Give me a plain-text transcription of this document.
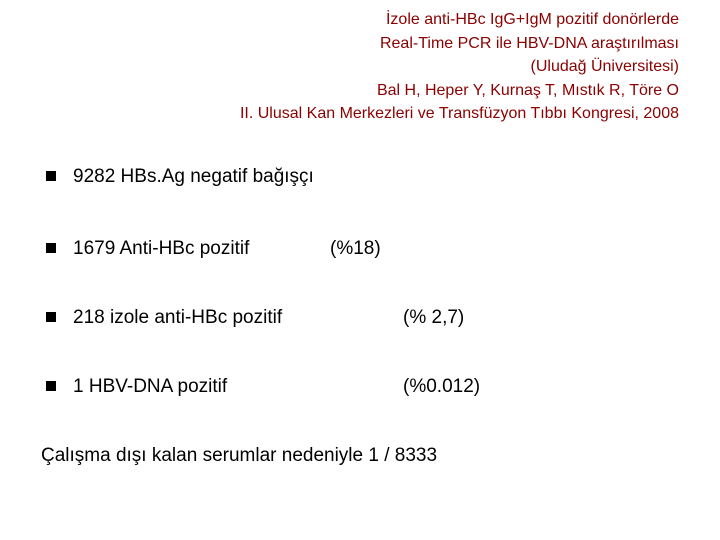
İzole anti-HBc IgG+IgM pozitif donörlerde
Real-Time PCR ile HBV-DNA araştırılması
(Uludağ Üniversitesi)
Bal H, Heper Y, Kurnaş T, Mıstık R, Töre O
II. Ulusal Kan Merkezleri ve Transfüzyon Tıbbı Kongresi, 2008
9282 HBs.Ag negatif bağışçı
1679 Anti-HBc pozitif	(%18)
218 izole anti-HBc pozitif	(% 2,7)
1 HBV-DNA pozitif	(%0.012)
Çalışma dışı kalan serumlar nedeniyle 1 / 8333
